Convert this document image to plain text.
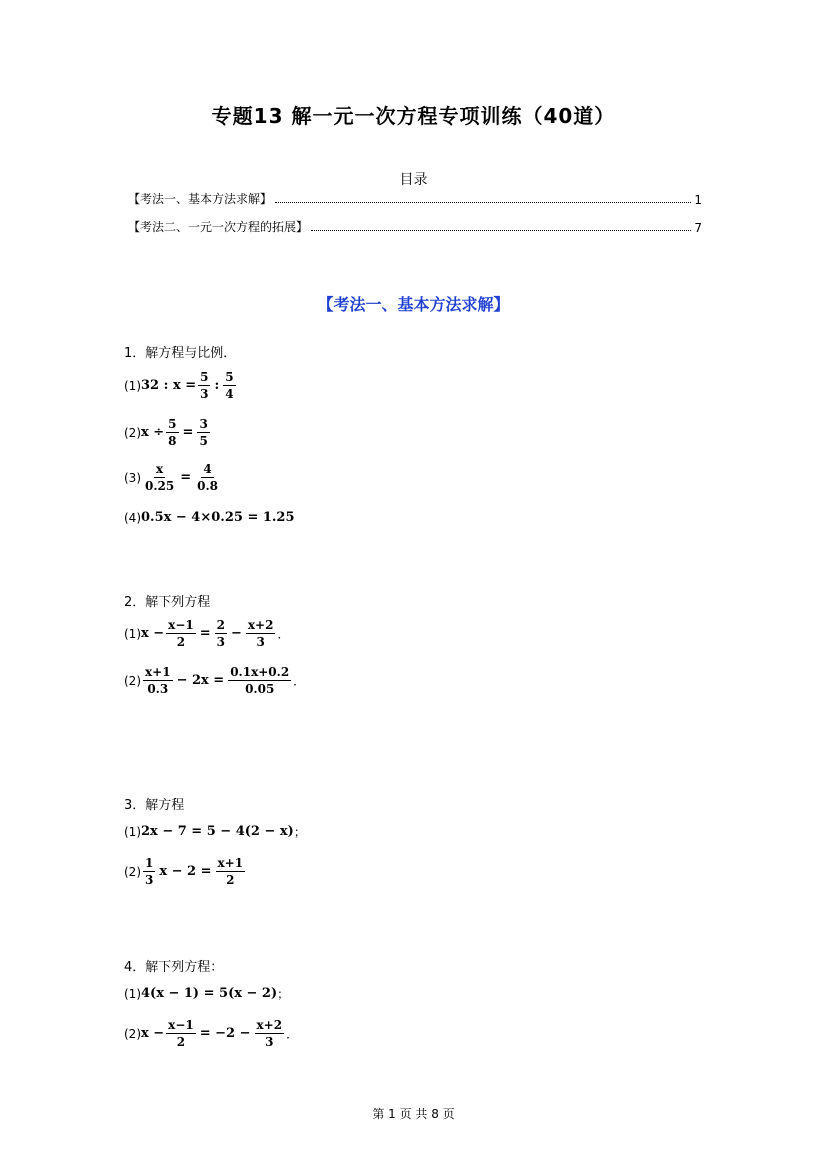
专题13 解一元一次方程专项训练（40道）
目录
【考法一、基本方法求解】	1
【考法二、一元一次方程的拓展】	7
【考法一、基本方法求解】
1．解方程与比例．
(1) 32 : $x = \frac{5}{3}$ : $\frac{5}{4}$
(2) $x \div \frac{5}{8} = \frac{3}{5}$
$(3) \frac{x}{0.25} = \frac{4}{0.8}$
(4) 0.5x − 4×0.25 = 1.25
2．解下列方程
(1) $x - \frac{x-1}{2} = \frac{2}{3} - \frac{x+2}{3}$ ．
$(2) \frac{x+1}{0.3} - 2x = \frac{0.1x+0.2}{0.05}$ ．
3．解方程
(1) 2x − 7 = 5 − 4(2 − x) ；
$(2) \frac{1}{3}$ $x - 2 = \frac{x+1}{2}$
4．解下列方程：
(1) 4(x − 1) = 5(x − 2) ；
(2) $x - \frac{x-1}{2} = -2 - \frac{x+2}{3}$ ．
第 1 页 共 8 页
